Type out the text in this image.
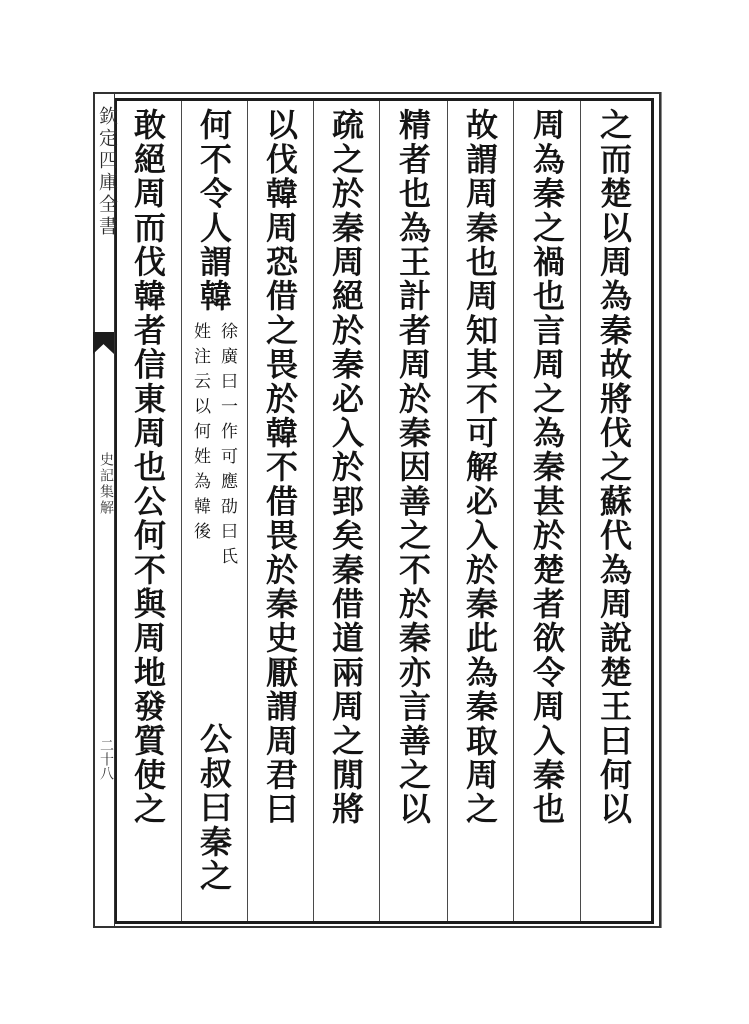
欽定四庫全書
史記集解
二十八	之而楚以周為秦故將伐之蘇代為周說楚王曰何以
周為秦之禍也言周之為秦甚於楚者欲令周入秦也
故謂周秦也周知其不可解必入於秦此為秦取周之
精者也為王計者周於秦因善之不於秦亦言善之以
疏之於秦周絕於秦必入於郢矣秦借道兩周之閒將
以伐韓周恐借之畏於韓不借畏於秦史厭謂周君曰
何不令人謂韓
徐廣曰一作可應劭曰氏
姓注云以何姓為韓後
公叔曰秦之
敢絕周而伐韓者信東周也公何不與周地發質使之
